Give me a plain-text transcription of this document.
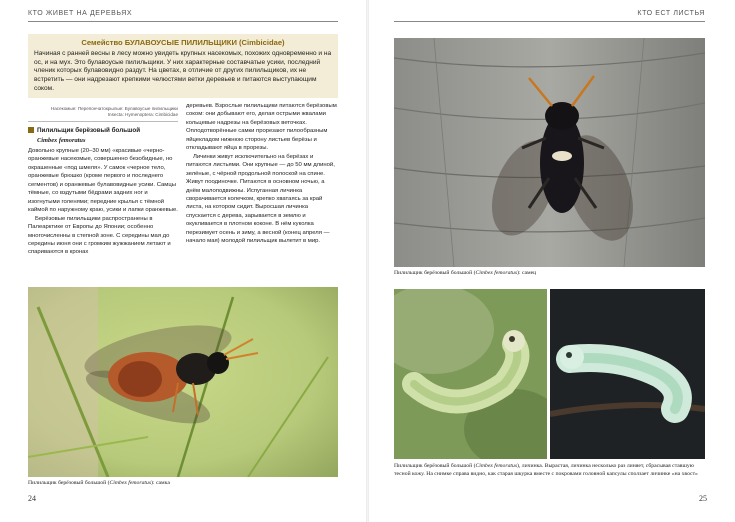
КТО ЖИВЕТ НА ДЕРЕВЬЯХ
Семейство БУЛАВОУСЫЕ ПИЛИЛЬЩИКИ (Cimbicidae)
Начиная с ранней весны в лесу можно увидеть крупных насекомых, похожих одновременно и на ос, и на мух. Это булавоусые пилильщики. У них характерные составчатые усики, последний членик которых булавовидно раздут. На цветах, в отличие от других пилильщиков, их не встретить — они надрезают крепкими челюстями ветки деревьев и питаются выступающим соком.
Насекомые: Перепончатокрылые: Булавоусые пилильщики
Insecta: Hymenoptera: Cimbicidae
Пилильщик берёзовый большой
Cimbex femoratus

Довольно крупные (20–30 мм) «красивые «черно-оранжевые насекомые, совершенно безобидные, но окрашенные «под шмеля». У самок «черное тело, оранжевые брюшко (кроме первого и последнего сегментов) и оранжевые булавовидные усики. Самцы тёмные, со вздутыми бёдрами задних ног и изогнутыми голенями; передние крылья с тёмной каймой по наружному краю, усики и лапки оранжевые.

Берёзовые пилильщики распространены в Палеарктике от Европы до Японии; особенно многочисленны в степной зоне. С середины мая до середины июня они с громким жужжанием летают и спариваются в кронах

деревьев. Взрослые пилильщики питаются берёзовым соком: они добывают его, делая острыми жвалами кольцевые надрезы на берёзовых веточках. Оплодотворённые самки прорезают пилообразным яйцекладом нижнюю сторону листьев берёзы и откладывают яйца в прорезы.

Личинки живут исключительно на берёзах и питаются листьями. Они крупные — до 50 мм длиной, зелёные, с чёрной продольной полоской на спине. Живут поодиночке. Питаются в основном ночью, а днём малоподвижны. Испуганная личинка сворачивается колечком, крепко хватаясь за край листа, на котором сидит. Выросшая личинка спускается с дерева, зарывается в землю и окукливается в плотном коконе. В нём куколка перезимует осень и зиму, а весной (конец апреля — начало мая) молодой пилильщик вылетит в мир.

Пилильщик берёзовый большой (Cimbex femoratus): самка
24
КТО ЕСТ ЛИСТЬЯ
Пилильщик берёзовый большой (Cimbex femoratus): самец
Пилильщик берёзовый большой (Cimbex femoratus), личинка. Вырастая, личинка несколько раз линяет, сбрасывая ставшую тесной кожу. На снимке справа видно, как старая шкурка вместе с покровами головной капсулы сползает личинке «на хвост»
25
